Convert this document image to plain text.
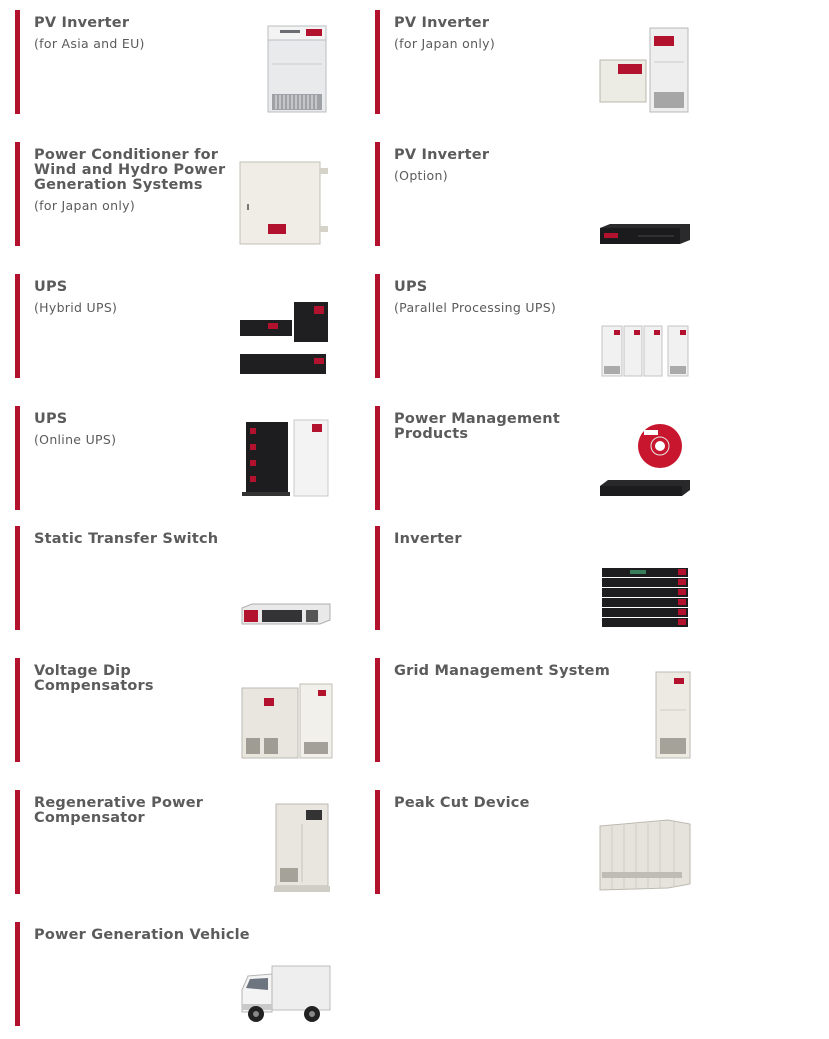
PV Inverter
(for Asia and EU)
PV Inverter
(for Japan only)
Power Conditioner for Wind and Hydro Power Generation Systems
(for Japan only)
PV Inverter
(Option)
UPS
(Hybrid UPS)
UPS
(Parallel Processing UPS)
UPS
(Online UPS)
Power Management Products
Static Transfer Switch	Inverter
Voltage Dip Compensators
Grid Management System
Regenerative Power Compensator
Peak Cut Device
Power Generation Vehicle
